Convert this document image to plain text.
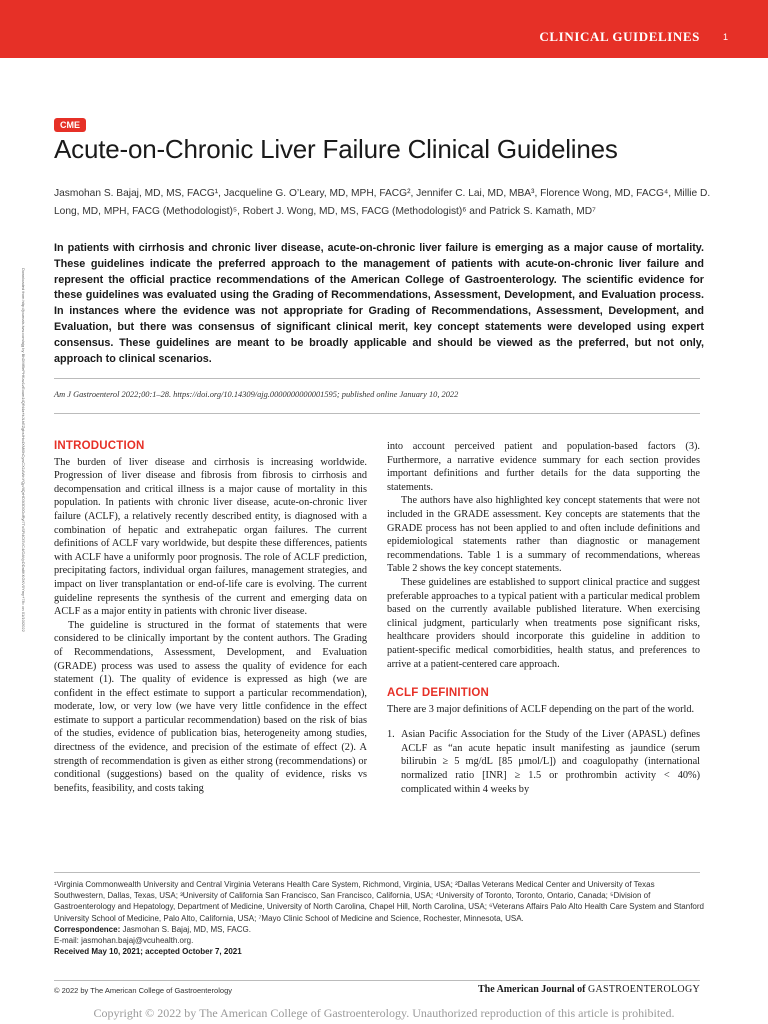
CLINICAL GUIDELINES	1
Downloaded from http://journals.lww.com/ajg by BhDMf5ePHKav1zEoum1tQfN4a+kJLhEZgbsIHo4XMi0hCywCX1AWnYQp/IlQrHD3i3D0OdRyi7TvSFl4Cf3VC4/OAVpDDa8KKGKV0Ymy+78= on 01/10/2022
CME
Acute-on-Chronic Liver Failure Clinical Guidelines
Jasmohan S. Bajaj, MD, MS, FACG¹, Jacqueline G. O’Leary, MD, MPH, FACG², Jennifer C. Lai, MD, MBA³, Florence Wong, MD, FACG⁴, Millie D. Long, MD, MPH, FACG (Methodologist)⁵, Robert J. Wong, MD, MS, FACG (Methodologist)⁶ and Patrick S. Kamath, MD⁷
In patients with cirrhosis and chronic liver disease, acute-on-chronic liver failure is emerging as a major cause of mortality. These guidelines indicate the preferred approach to the management of patients with acute-on-chronic liver failure and represent the official practice recommendations of the American College of Gastroenterology. The scientific evidence for these guidelines was evaluated using the Grading of Recommendations, Assessment, Development, and Evaluation process. In instances where the evidence was not appropriate for Grading of Recommendations, Assessment, Development, and Evaluation, but there was consensus of significant clinical merit, key concept statements were developed using expert consensus. These guidelines are meant to be broadly applicable and should be viewed as the preferred, but not only, approach to clinical scenarios.
Am J Gastroenterol 2022;00:1–28. https://doi.org/10.14309/ajg.0000000000001595; published online January 10, 2022
INTRODUCTION

The burden of liver disease and cirrhosis is increasing worldwide. Progression of liver disease and fibrosis from fibrosis to cirrhosis and decompensation and critical illness is a major cause of mortality in this population. In patients with chronic liver disease, acute-on-chronic liver failure (ACLF), a relatively recently described entity, is diagnosed with a combination of hepatic and extrahepatic organ failures. The current definitions of ACLF vary worldwide, but despite these differences, patients with ACLF have a uniformly poor prognosis. The role of ACLF prediction, precipitating factors, individual organ failures, management strategies, and impact on liver transplantation or end-of-life care is evolving. The current guideline represents the synthesis of the current and emerging data on ACLF as a major entity in patients with chronic liver disease.

The guideline is structured in the format of statements that were considered to be clinically important by the content authors. The Grading of Recommendations, Assessment, Development, and Evaluation (GRADE) process was used to assess the quality of evidence for each statement (1). The quality of evidence is expressed as high (we are confident in the effect estimate to support a particular recommendation), moderate, low, or very low (we have very little confidence in the effect estimate to support a particular recommendation) based on the risk of bias of the studies, evidence of publication bias, heterogeneity among studies, directness of the evidence, and precision of the estimate of effect (2). A strength of recommendation is given as either strong (recommendations) or conditional (suggestions) based on the quality of evidence, risks vs benefits, feasibility, and costs taking

into account perceived patient and population-based factors (3). Furthermore, a narrative evidence summary for each section provides important definitions and further details for the data supporting the statements.

The authors have also highlighted key concept statements that were not included in the GRADE assessment. Key concepts are statements that the GRADE process has not been applied to and often include definitions and epidemiological statements rather than diagnostic or management recommendations. Table 1 is a summary of recommendations, whereas Table 2 shows the key concept statements.

These guidelines are established to support clinical practice and suggest preferable approaches to a typical patient with a particular medical problem based on the currently available published literature. When exercising clinical judgment, particularly when treatments pose significant risks, healthcare providers should incorporate this guideline in addition to patient-specific medical comorbidities, health status, and preferences to arrive at a patient-centered care approach.

ACLF DEFINITION

There are 3 major definitions of ACLF depending on the part of the world.

1. Asian Pacific Association for the Study of the Liver (APASL) defines ACLF as “an acute hepatic insult manifesting as jaundice (serum bilirubin ≥ 5 mg/dL [85 μmol/L]) and coagulopathy (international normalized ratio [INR] ≥ 1.5 or prothrombin activity < 40%) complicated within 4 weeks by

¹Virginia Commonwealth University and Central Virginia Veterans Health Care System, Richmond, Virginia, USA; ²Dallas Veterans Medical Center and University of Texas Southwestern, Dallas, Texas, USA; ³University of California San Francisco, San Francisco, California, USA; ⁴University of Toronto, Toronto, Ontario, Canada; ⁵Division of Gastroenterology and Hepatology, Department of Medicine, University of North Carolina, Chapel Hill, North Carolina, USA; ⁶Veterans Affairs Palo Alto Health Care System and Stanford University School of Medicine, Palo Alto, California, USA; ⁷Mayo Clinic School of Medicine and Science, Rochester, Minnesota, USA.

Correspondence: Jasmohan S. Bajaj, MD, MS, FACG.

E-mail: jasmohan.bajaj@vcuhealth.org.

Received May 10, 2021; accepted October 7, 2021

© 2022 by The American College of Gastroenterology	The American Journal of GASTROENTEROLOGY
Copyright © 2022 by The American College of Gastroenterology. Unauthorized reproduction of this article is prohibited.
